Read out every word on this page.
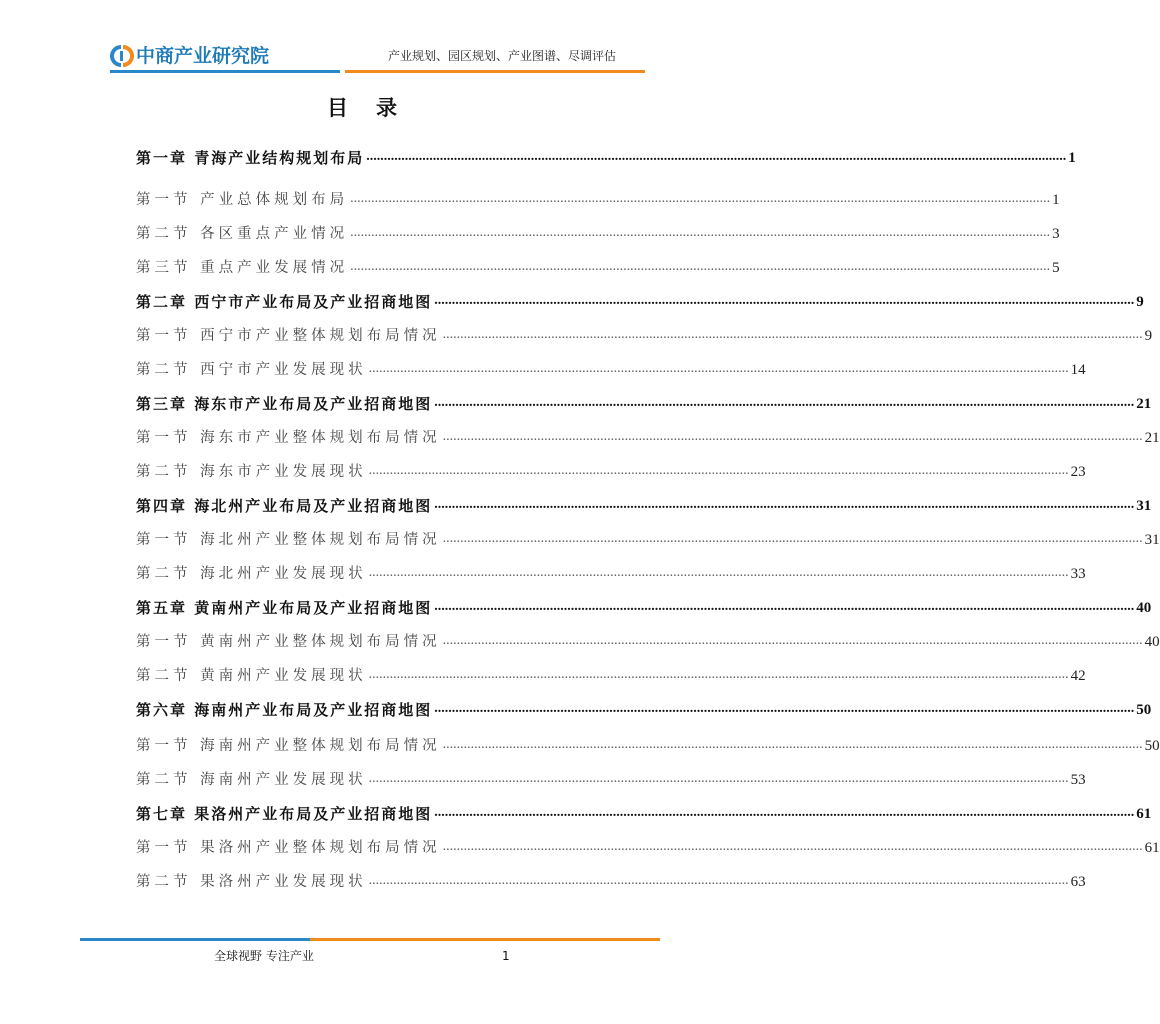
中商产业研究院	产业规划、园区规划、产业图谱、尽调评估
目录
第一章 青海产业结构规划布局 ........................................................................................................................................................................................................ 1
第一节 产业总体规划布局 ........................................................................................................................................................................................................ 1
第二节 各区重点产业情况 ........................................................................................................................................................................................................ 3
第三节 重点产业发展情况 ........................................................................................................................................................................................................ 5
第二章 西宁市产业布局及产业招商地图 ........................................................................................................................................................................................................ 9
第一节 西宁市产业整体规划布局情况 ........................................................................................................................................................................................................ 9
第二节 西宁市产业发展现状 ........................................................................................................................................................................................................ 14
第三章 海东市产业布局及产业招商地图 ........................................................................................................................................................................................................ 21
第一节 海东市产业整体规划布局情况 ........................................................................................................................................................................................................ 21
第二节 海东市产业发展现状 ........................................................................................................................................................................................................ 23
第四章 海北州产业布局及产业招商地图 ........................................................................................................................................................................................................ 31
第一节 海北州产业整体规划布局情况 ........................................................................................................................................................................................................ 31
第二节 海北州产业发展现状 ........................................................................................................................................................................................................ 33
第五章 黄南州产业布局及产业招商地图 ........................................................................................................................................................................................................ 40
第一节 黄南州产业整体规划布局情况 ........................................................................................................................................................................................................ 40
第二节 黄南州产业发展现状 ........................................................................................................................................................................................................ 42
第六章 海南州产业布局及产业招商地图 ........................................................................................................................................................................................................ 50
第一节 海南州产业整体规划布局情况 ........................................................................................................................................................................................................ 50
第二节 海南州产业发展现状 ........................................................................................................................................................................................................ 53
第七章 果洛州产业布局及产业招商地图 ........................................................................................................................................................................................................ 61
第一节 果洛州产业整体规划布局情况 ........................................................................................................................................................................................................ 61
第二节 果洛州产业发展现状 ........................................................................................................................................................................................................ 63
全球视野 专注产业	1
